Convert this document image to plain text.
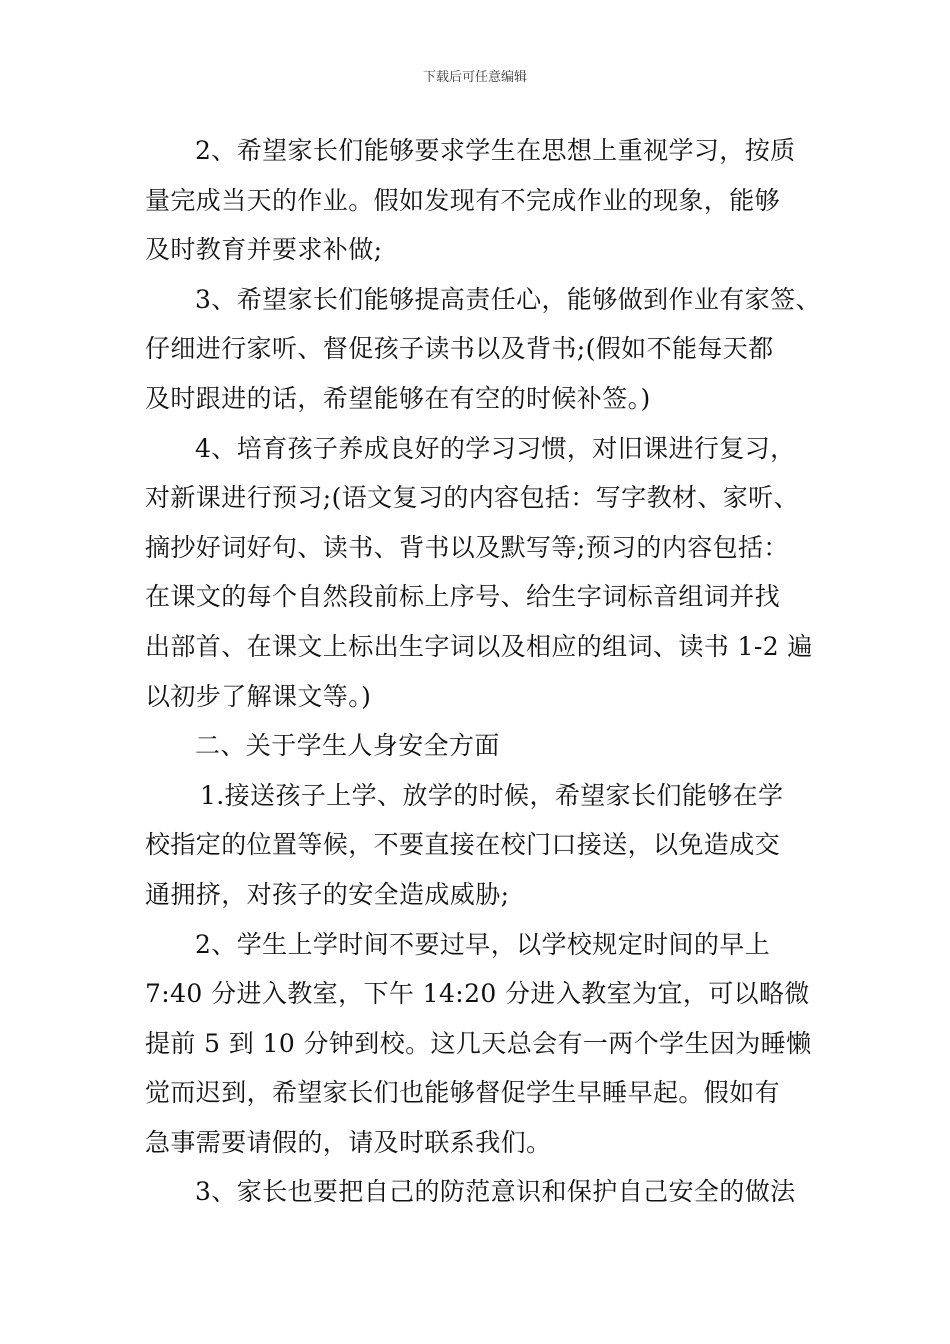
下载后可任意编辑
2、希望家长们能够要求学生在思想上重视学习，按质
量完成当天的作业。假如发现有不完成作业的现象，能够
及时教育并要求补做;
3、希望家长们能够提高责任心，能够做到作业有家签、
仔细进行家听、督促孩子读书以及背书;(假如不能每天都
及时跟进的话，希望能够在有空的时候补签。)
4、培育孩子养成良好的学习习惯，对旧课进行复习，
对新课进行预习;(语文复习的内容包括：写字教材、家听、
摘抄好词好句、读书、背书以及默写等;预习的内容包括：
在课文的每个自然段前标上序号、给生字词标音组词并找
出部首、在课文上标出生字词以及相应的组词、读书 1-2 遍
以初步了解课文等。)
二、关于学生人身安全方面
1.接送孩子上学、放学的时候，希望家长们能够在学
校指定的位置等候，不要直接在校门口接送，以免造成交
通拥挤，对孩子的安全造成威胁;
2、学生上学时间不要过早，以学校规定时间的早上
7:40 分进入教室，下午 14:20 分进入教室为宜，可以略微
提前 5 到 10 分钟到校。这几天总会有一两个学生因为睡懒
觉而迟到，希望家长们也能够督促学生早睡早起。假如有
急事需要请假的，请及时联系我们。
3、家长也要把自己的防范意识和保护自己安全的做法
